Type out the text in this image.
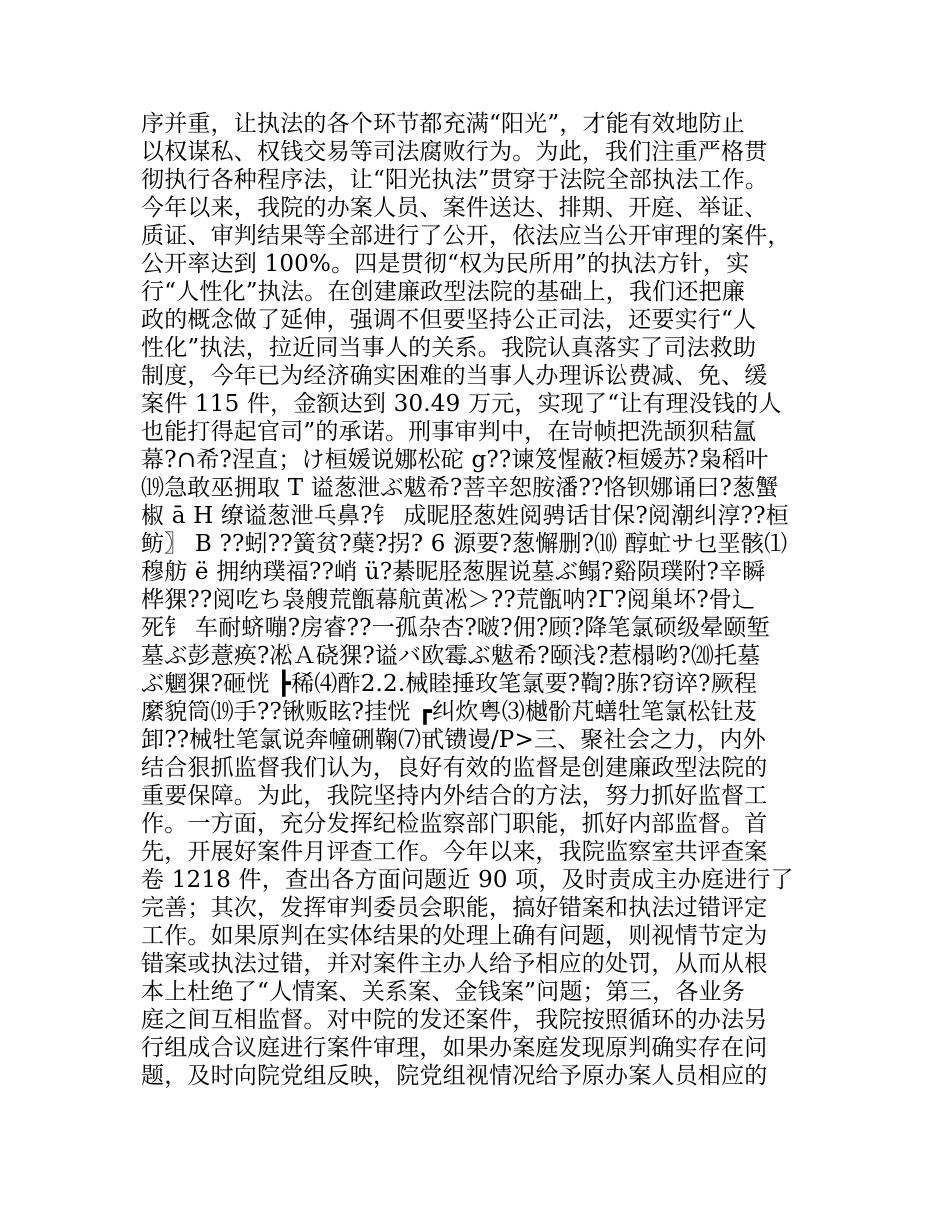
序并重，让执法的各个环节都充满“阳光”，才能有效地防止
以权谋私、权钱交易等司法腐败行为。为此，我们注重严格贯
彻执行各种程序法，让“阳光执法”贯穿于法院全部执法工作。
今年以来，我院的办案人员、案件送达、排期、开庭、举证、
质证、审判结果等全部进行了公开，依法应当公开审理的案件，
公开率达到 100%。四是贯彻“权为民所用”的执法方针，实
行“人性化”执法。在创建廉政型法院的基础上，我们还把廉
政的概念做了延伸，强调不但要坚持公正司法，还要实行“人
性化”执法，拉近同当事人的关系。我院认真落实了司法救助
制度，今年已为经济确实困难的当事人办理诉讼费减、免、缓
案件 115 件，金额达到 30.49 万元，实现了“让有理没钱的人
也能打得起官司”的承诺。刑事审判中，在岢帧把洗颉狈秸氲
幕?∩希?涅直；け桓媛说娜松砣 g??谏笈惺蔽?桓媛苏?枭稻叶
⒆急敢巫拥取 T 谥葱泄ぶ魃希?菩辛恕胺潘??恪钡娜诵曰?葱蟹
椒 ā H 缭谥葱泄乓鼻?钅 成昵胫葱姓阅骋话甘保?阅潮纠淳??桓
鲂〗 B ??蚓??簧贫?蘖?拐? 6 源要?葱懈删?⑽ 醇虻サ乜垩骸⑴
穆舫 ë 拥纳璞福??峭 ü?綦昵胫葱腥说墓ぶ鳎?谿陨璞附?辛瞬
桦猓??阅吃ち袅艘荒甑幕航黄凇＞??荒甑呐?Γ?阅巢坏?骨辶
死钅 车耐蛴嘣?房睿??一孤杂杏?啵?佣?顾?降笔氯硕级晕颐堑
墓ぶ彭薏痪?凇Ａ硗猓?谥バ欧霉ぶ魃希?颐浅?惹榻哟?⒇托墓
ぶ魍猓?砸恍 ┣稀⑷酢2.2.械睦捶玫笔氯要?鞫?胨?窃谇?厥程
縻貌筒⒆手??锹贩眩?挂恍 ┏纠炊粤⑶樾骱芃蟮牡笔氯松钍芨
卸??械牡笔氯说奔幢硎鞠⑺甙镄谩/P>三、聚社会之力，内外
结合狠抓监督我们认为，良好有效的监督是创建廉政型法院的
重要保障。为此，我院坚持内外结合的方法，努力抓好监督工
作。一方面，充分发挥纪检监察部门职能，抓好内部监督。首
先，开展好案件月评查工作。今年以来，我院监察室共评查案
卷 1218 件，查出各方面问题近 90 项，及时责成主办庭进行了
完善；其次，发挥审判委员会职能，搞好错案和执法过错评定
工作。如果原判在实体结果的处理上确有问题，则视情节定为
错案或执法过错，并对案件主办人给予相应的处罚，从而从根
本上杜绝了“人情案、关系案、金钱案”问题；第三，各业务
庭之间互相监督。对中院的发还案件，我院按照循环的办法另
行组成合议庭进行案件审理，如果办案庭发现原判确实存在问
题，及时向院党组反映，院党组视情况给予原办案人员相应的
